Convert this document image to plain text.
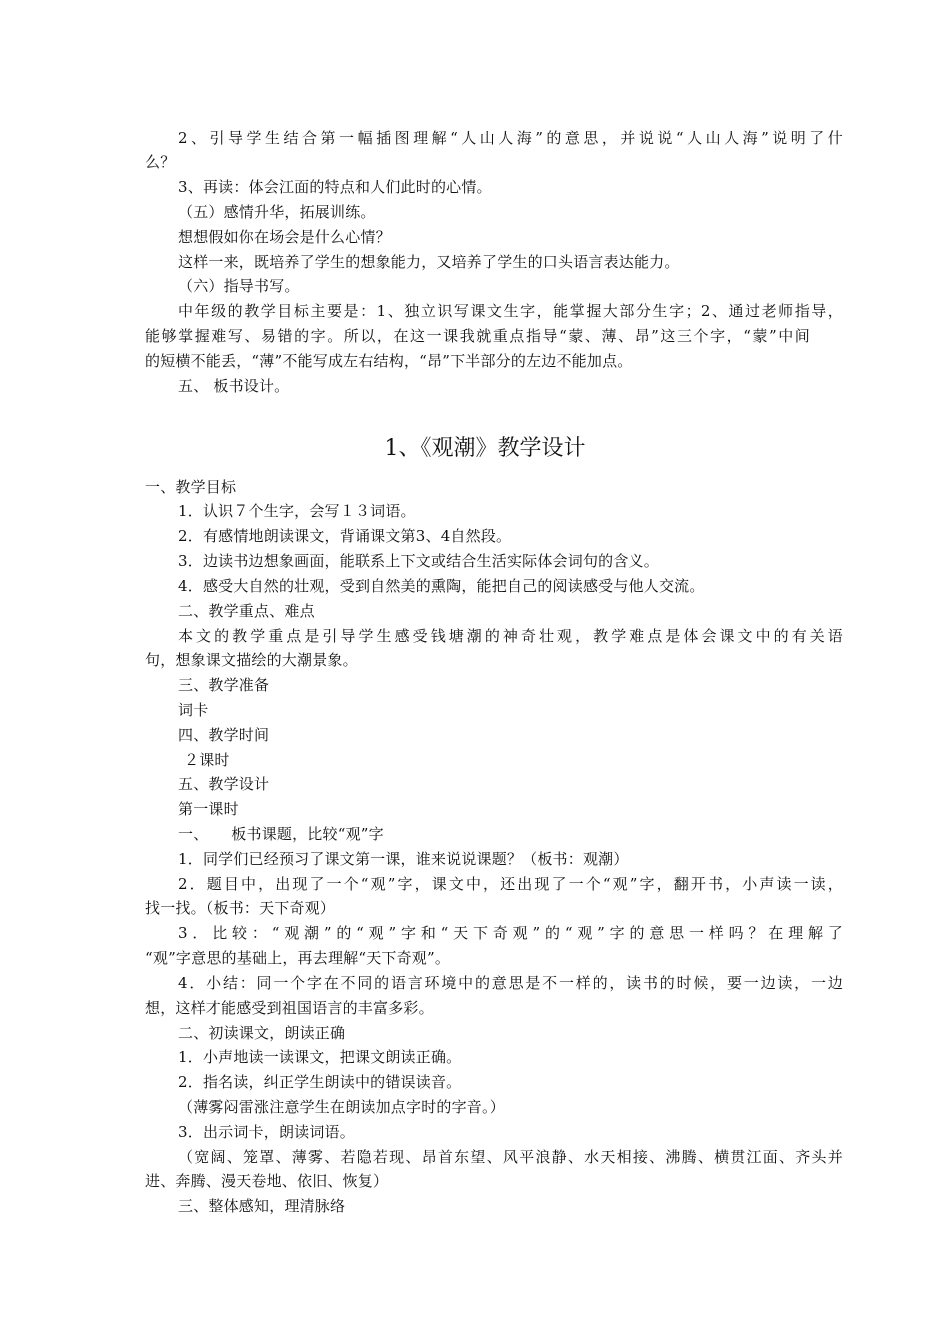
2、引导学生结合第一幅插图理解“人山人海”的意思，并说说“人山人海”说明了什
么？
3、再读：体会江面的特点和人们此时的心情。
（五）感情升华，拓展训练。
想想假如你在场会是什么心情？
这样一来，既培养了学生的想象能力，又培养了学生的口头语言表达能力。
（六）指导书写。
中年级的教学目标主要是：1、独立识写课文生字，能掌握大部分生字；2、通过老师指导，
能够掌握难写、易错的字。所以，在这一课我就重点指导“蒙、薄、昂”这三个字，“蒙”中间
的短横不能丢，“薄”不能写成左右结构，“昂”下半部分的左边不能加点。
五、 板书设计。
1、《观潮》教学设计
一、教学目标
1．认识７个生字，会写１３词语。
2．有感情地朗读课文，背诵课文第3、4自然段。
3．边读书边想象画面，能联系上下文或结合生活实际体会词句的含义。
4．感受大自然的壮观，受到自然美的熏陶，能把自己的阅读感受与他人交流。
二、教学重点、难点
本文的教学重点是引导学生感受钱塘潮的神奇壮观，教学难点是体会课文中的有关语
句，想象课文描绘的大潮景象。
三、教学准备
词卡
四、教学时间
２课时
五、教学设计
第一课时
一、　　板书课题，比较“观”字
1．同学们已经预习了课文第一课，谁来说说课题？（板书：观潮）
2．题目中，出现了一个“观”字，课文中，还出现了一个“观”字，翻开书，小声读一读，
找一找。（板书：天下奇观）
3．比较：“观潮”的“观”字和“天下奇观”的“观”字的意思一样吗？在理解了
“观”字意思的基础上，再去理解“天下奇观”。
4．小结：同一个字在不同的语言环境中的意思是不一样的，读书的时候，要一边读，一边
想，这样才能感受到祖国语言的丰富多彩。
二、初读课文，朗读正确
1．小声地读一读课文，把课文朗读正确。
2．指名读，纠正学生朗读中的错误读音。
（薄雾闷雷涨注意学生在朗读加点字时的字音。）
3．出示词卡，朗读词语。
（宽阔、笼罩、薄雾、若隐若现、昂首东望、风平浪静、水天相接、沸腾、横贯江面、齐头并
进、奔腾、漫天卷地、依旧、恢复）
三、整体感知，理清脉络
